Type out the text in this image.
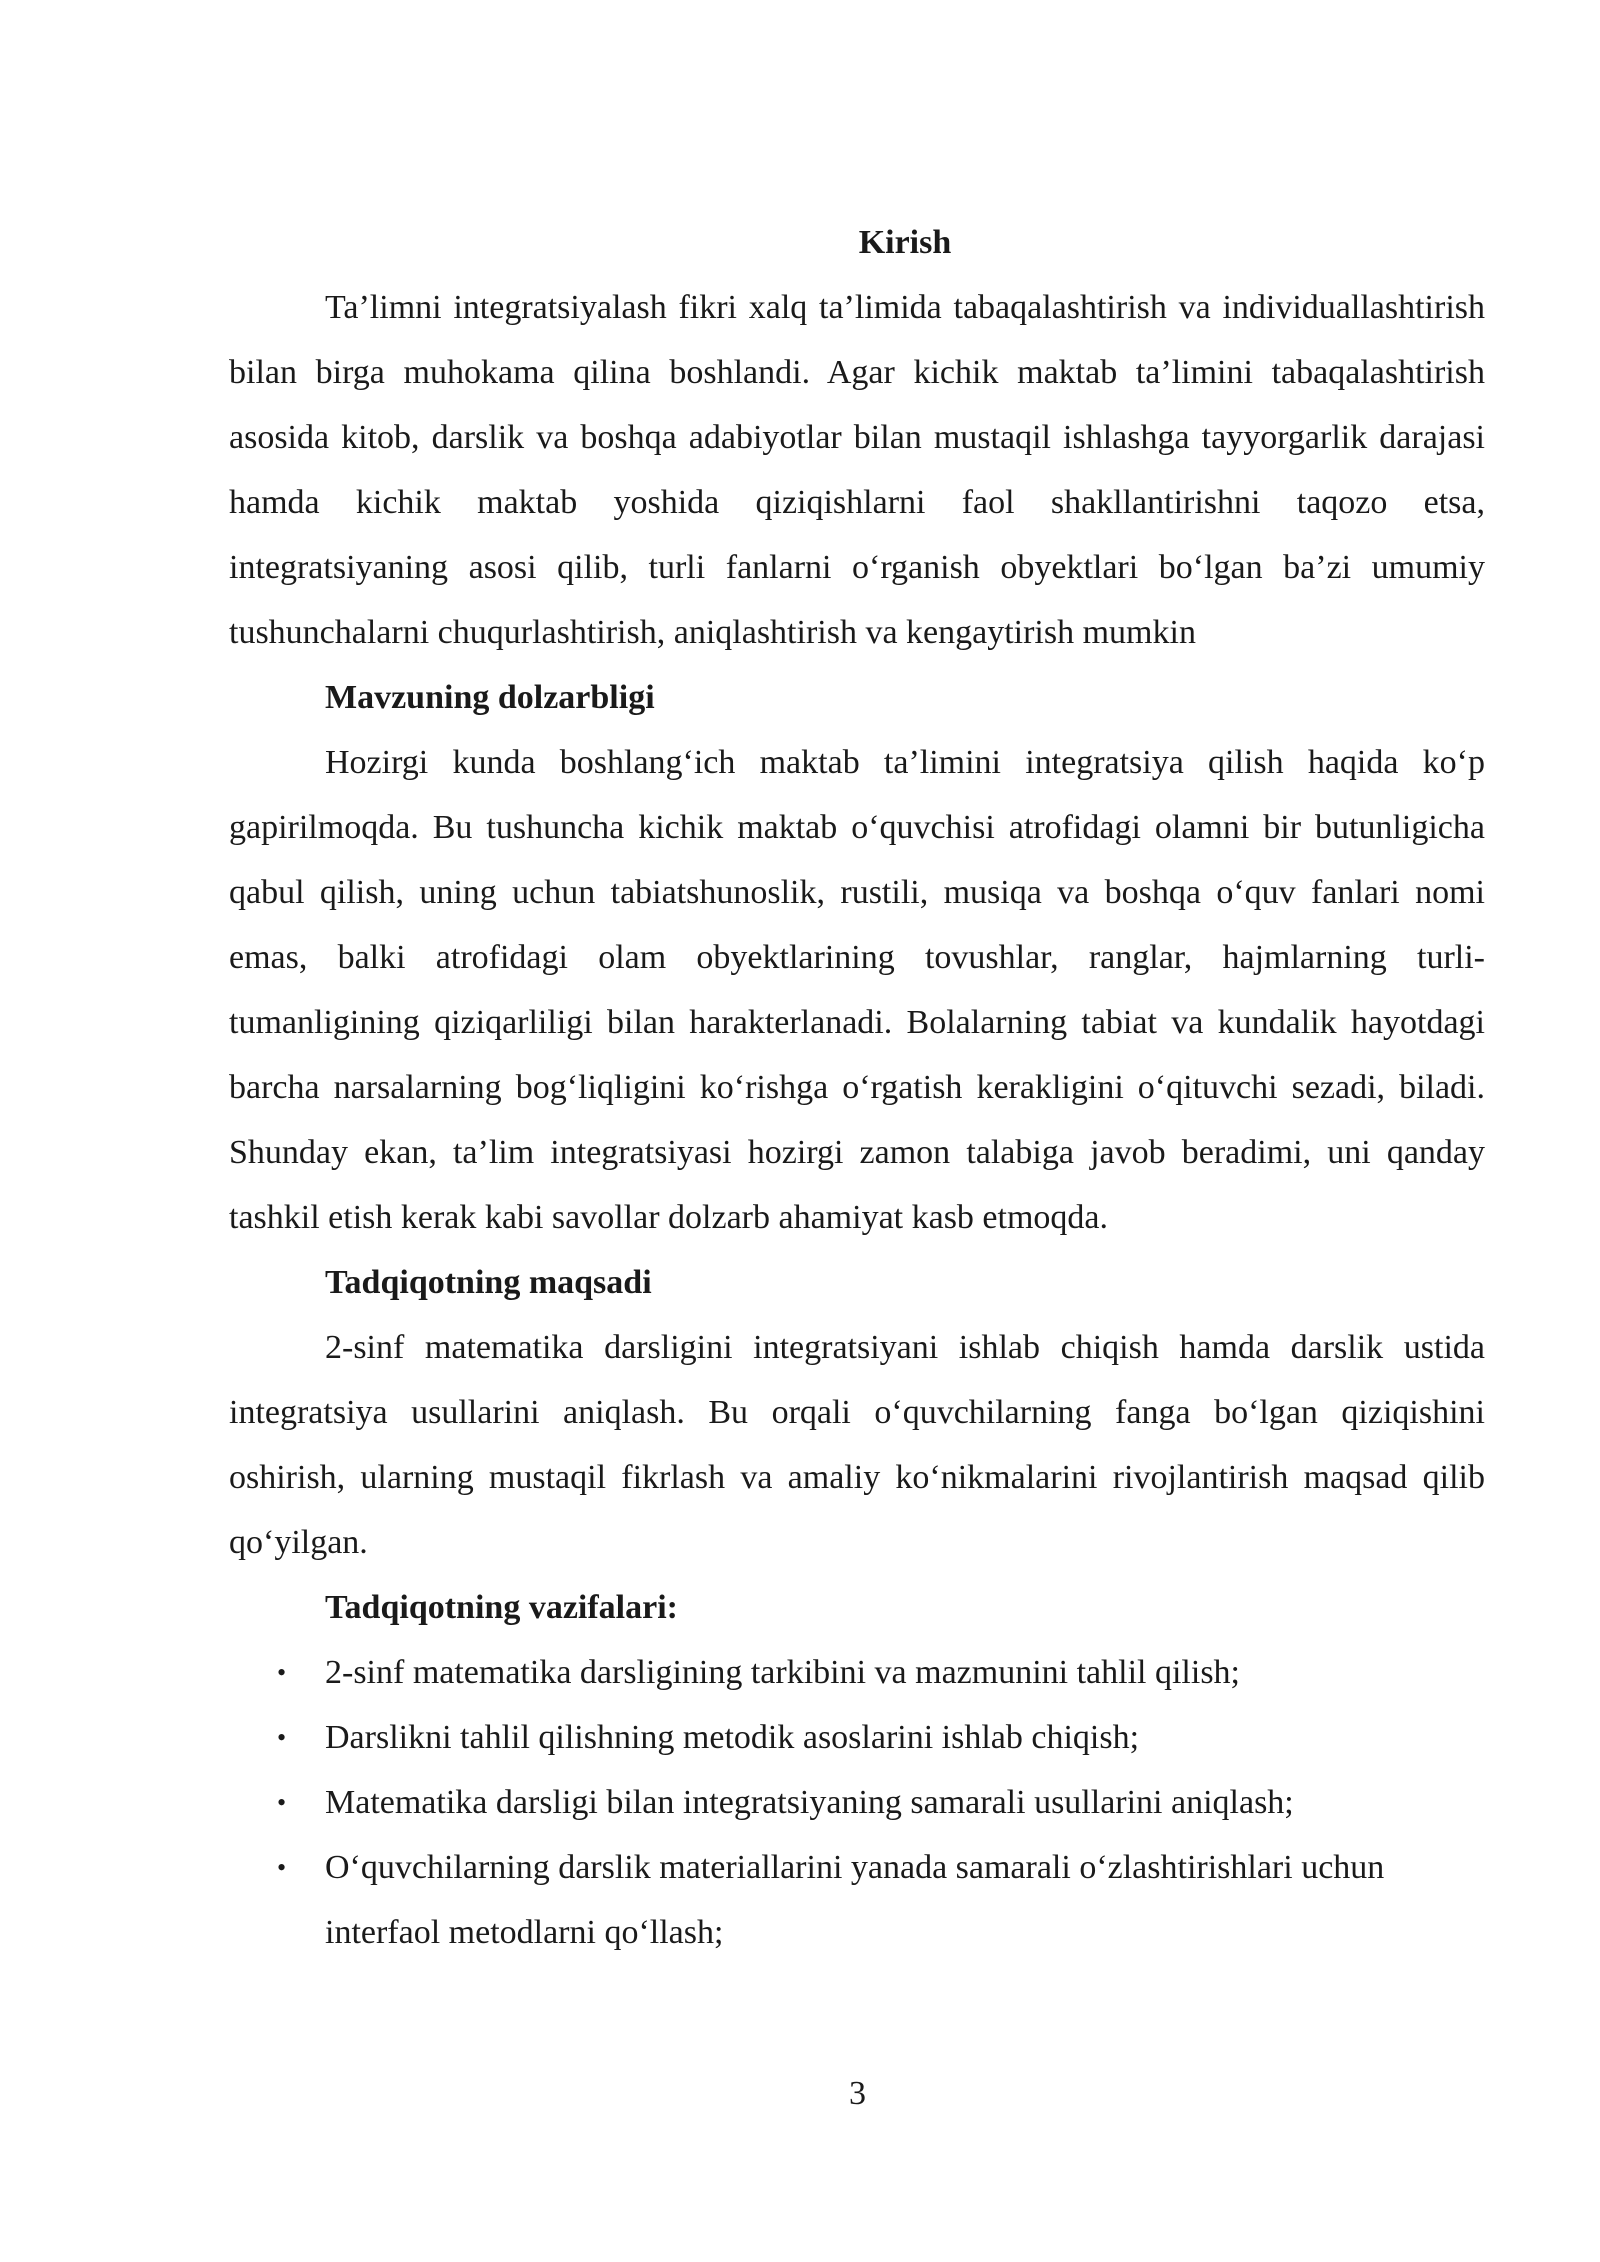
Kirish

Ta’limni integratsiyalash fikri xalq ta’limida tabaqalashtirish va individuallashtirish bilan birga muhokama qilina boshlandi. Agar kichik maktab ta’limini tabaqalashtirish asosida kitob, darslik va boshqa adabiyotlar bilan mustaqil ishlashga tayyorgarlik darajasi hamda kichik maktab yoshida qiziqishlarni faol shakllantirishni taqozo etsa, integratsiyaning asosi qilib, turli fanlarni o‘rganish obyektlari bo‘lgan ba’zi umumiy tushunchalarni chuqurlashtirish, aniqlashtirish va kengaytirish mumkin

Mavzuning dolzarbligi

Hozirgi kunda boshlang‘ich maktab ta’limini integratsiya qilish haqida ko‘p gapirilmoqda. Bu tushuncha kichik maktab o‘quvchisi atrofidagi olamni bir butunligicha qabul qilish, uning uchun tabiatshunoslik, rustili, musiqa va boshqa o‘quv fanlari nomi emas, balki atrofidagi olam obyektlarining tovushlar, ranglar, hajmlarning turli-tumanligining qiziqarliligi bilan harakterlanadi. Bolalarning tabiat va kundalik hayotdagi barcha narsalarning bog‘liqligini ko‘rishga o‘rgatish kerakligini o‘qituvchi sezadi, biladi. Shunday ekan, ta’lim integratsiyasi hozirgi zamon talabiga javob beradimi, uni qanday tashkil etish kerak kabi savollar dolzarb ahamiyat kasb etmoqda.

Tadqiqotning maqsadi

2-sinf matematika darsligini integratsiyani ishlab chiqish hamda darslik ustida integratsiya usullarini aniqlash. Bu orqali o‘quvchilarning fanga bo‘lgan qiziqishini oshirish, ularning mustaqil fikrlash va amaliy ko‘nikmalarini rivojlantirish maqsad qilib qo‘yilgan.

Tadqiqotning vazifalari:

• 2-sinf matematika darsligining tarkibini va mazmunini tahlil qilish;
• Darslikni tahlil qilishning metodik asoslarini ishlab chiqish;
• Matematika darsligi bilan integratsiyaning samarali usullarini aniqlash;
• O‘quvchilarning darslik materiallarini yanada samarali o‘zlashtirishlari uchun interfaol metodlarni qo‘llash;
3
